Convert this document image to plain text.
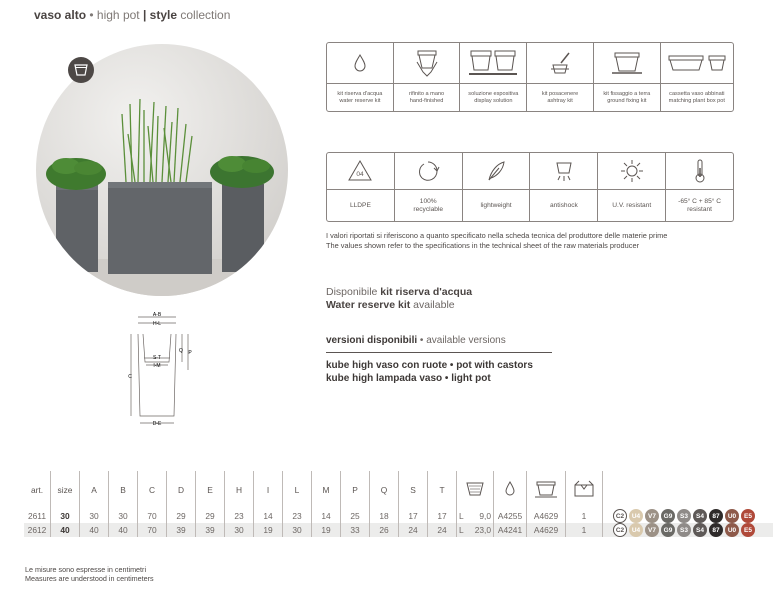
vaso alto • high pot | style collection
kit riserva d'acqua
water reserve kit
rifinito a mano
hand-finished
soluzione espositiva
display solution
kit posacenere
ashtray kit
kit fissaggio a terra
ground fixing kit
cassetta vaso abbinati
matching plant box pot
04
LLDPE
100%
recyclable
lightweight	antishock	U.V. resistant
-65° C + 85° C
resistant
I valori riportati si riferiscono a quanto specificato nella scheda tecnica del produttore delle materie prime
The values shown refer to the specifications in the technical sheet of the raw materials producer
Disponibile kit riserva d'acqua
Water reserve kit available
versioni disponibili • available versions
kube high vaso con ruote • pot with castors
kube high lampada vaso • light pot
A-B
H-L
Q P
C
S-T
I-M
D-E
art.	size	A	B	C	D	E	H	I	L	M	P	Q	S	T					
2611	30	30	30	70	29	29	23	14	23	14	25	18	17	17	L 9,0	A4255	A4629	1	C2 U4 V7 G9 S3 S4 87 U0 E5
2612	40	40	40	70	39	39	30	19	30	19	33	26	24	24	L 23,0	A4241	A4629	1	C2 U4 V7 G9 S3 S4 87 U0 E5
Le misure sono espresse in centimetri
Measures are understood in centimeters
